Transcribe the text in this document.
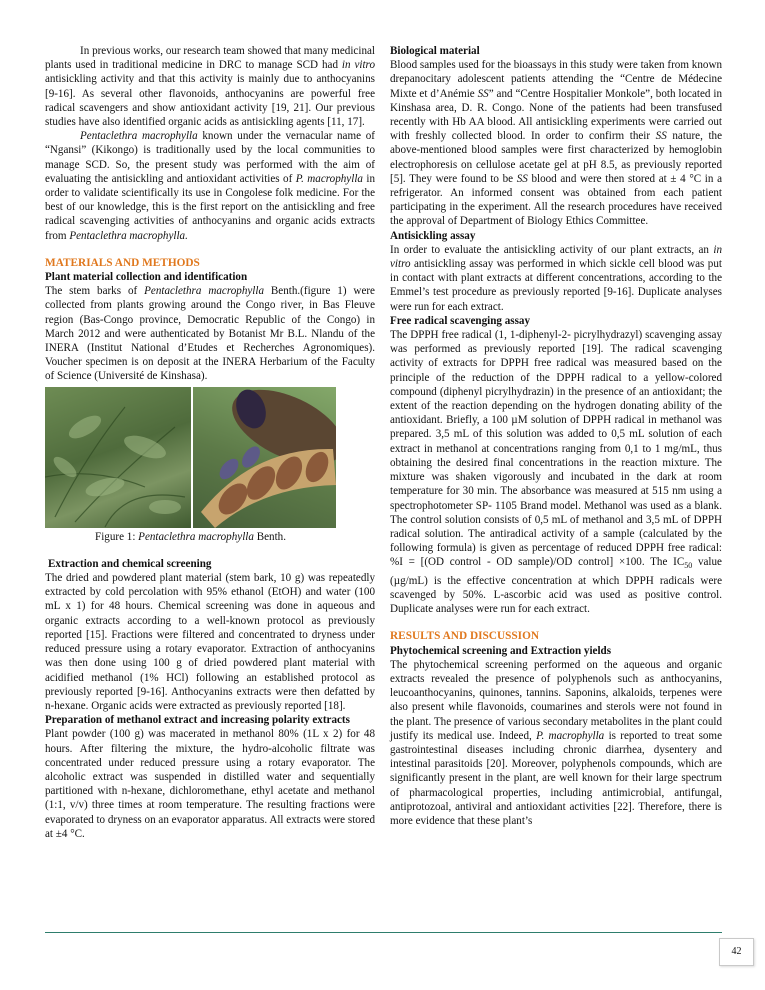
In previous works, our research team showed that many medicinal plants used in traditional medicine in DRC to manage SCD had in vitro antisickling activity and that this activity is mainly due to anthocyanins [9-16]. As several other flavonoids, anthocyanins are powerful free radical scavengers and show antioxidant activity [19, 21]. Our previous studies have also identified organic acids as antisickling agents [11, 17].

Pentaclethra macrophylla known under the vernacular name of “Ngansi” (Kikongo) is traditionally used by the local communities to manage SCD. So, the present study was performed with the aim of evaluating the antisickling and antioxidant activities of P. macrophylla in order to validate scientifically its use in Congolese folk medicine. For the best of our knowledge, this is the first report on the antisickling and free radical scavenging activities of anthocyanins and organic acids extracts from Pentaclethra macrophylla.

MATERIALS AND METHODS

Plant material collection and identification

The stem barks of Pentaclethra macrophylla Benth.(figure 1) were collected from plants growing around the Congo river, in Bas Fleuve region (Bas-Congo province, Democratic Republic of the Congo) in March 2012 and were authenticated by Botanist Mr B.L. Nlandu of the INERA (Institut National d’Etudes et Recherches Agronomiques). Voucher specimen is on deposit at the INERA Herbarium of the Faculty of Science (Université de Kinshasa).

Figure 1: Pentaclethra macrophylla Benth.

Extraction and chemical screening

The dried and powdered plant material (stem bark, 10 g) was repeatedly extracted by cold percolation with 95% ethanol (EtOH) and water (100 mL x 1) for 48 hours. Chemical screening was done in aqueous and organic extracts according to a well-known protocol as previously reported [15]. Fractions were filtered and concentrated to dryness under reduced pressure using a rotary evaporator. Extraction of anthocyanins was then done using 100 g of dried powdered plant material with acidified methanol (1% HCl) following an established protocol as previously reported [9-16]. Anthocyanins extracts were then defatted by n-hexane. Organic acids were extracted as previously reported [18].

Preparation of methanol extract and increasing polarity extracts

Plant powder (100 g) was macerated in methanol 80% (1L x 2) for 48 hours. After filtering the mixture, the hydro-alcoholic filtrate was concentrated under reduced pressure using a rotary evaporator. The alcoholic extract was suspended in distilled water and sequentially partitioned with n-hexane, dichloromethane, ethyl acetate and methanol (1:1, v/v) three times at room temperature. The resulting fractions were evaporated to dryness on an evaporator apparatus. All extracts were stored at ±4 °C.

Biological material

Blood samples used for the bioassays in this study were taken from known drepanocitary adolescent patients attending the “Centre de Médecine Mixte et d’Anémie SS” and “Centre Hospitalier Monkole”, both located in Kinshasa area, D. R. Congo. None of the patients had been transfused recently with Hb AA blood. All antisickling experiments were carried out with freshly collected blood. In order to confirm their SS nature, the above-mentioned blood samples were first characterized by hemoglobin electrophoresis on cellulose acetate gel at pH 8.5, as previously reported [5]. They were found to be SS blood and were then stored at ± 4 °C in a refrigerator. An informed consent was obtained from each patient participating in the experiment. All the research procedures have received the approval of Department of Biology Ethics Committee.

Antisickling assay

In order to evaluate the antisickling activity of our plant extracts, an in vitro antisickling assay was performed in which sickle cell blood was put in contact with plant extracts at different concentrations, according to the Emmel’s test procedure as previously reported [9-16]. Duplicate analyses were run for each extract.

Free radical scavenging assay

The DPPH free radical (1, 1-diphenyl-2- picrylhydrazyl) scavenging assay was performed as previously reported [19]. The radical scavenging activity of extracts for DPPH free radical was measured based on the principle of the reduction of the DPPH radical to a yellow-colored compound (diphenyl picrylhydrazin) in the presence of an antioxidant; the extent of the reaction depending on the hydrogen donating ability of the antioxidant. Briefly, a 100 µM solution of DPPH radical in methanol was prepared. 3,5 mL of this solution was added to 0,5 mL solution of each extract in methanol at concentrations ranging from 0,1 to 1 mg/mL, thus obtaining the desired final concentrations in the reaction mixture. The mixture was shaken vigorously and incubated in the dark at room temperature for 30 min. The absorbance was measured at 515 nm using a spectrophotometer SP- 1105 Brand model. Methanol was used as a blank. The control solution consists of 0,5 mL of methanol and 3,5 mL of DPPH radical solution. The antiradical activity of a sample (calculated by the following formula) is given as percentage of reduced DPPH free radical: %I = [(OD control - OD sample)/OD control] ×100. The $IC_{50}$ value (µg/mL) is the effective concentration at which DPPH radicals were scavenged by 50%. L-ascorbic acid was used as positive control. Duplicate analyses were run for each extract.

RESULTS AND DISCUSSION

Phytochemical screening and Extraction yields

The phytochemical screening performed on the aqueous and organic extracts revealed the presence of polyphenols such as anthocyanins, leucoanthocyanins, quinones, tannins. Saponins, alkaloids, terpenes were also present while flavonoids, coumarines and sterols were not found in the plant. The presence of various secondary metabolites in the plant could justify its medical use. Indeed, P. macrophylla is reported to treat some gastrointestinal diseases including chronic diarrhea, dysentery and intestinal parasitoids [20]. Moreover, polyphenols compounds, which are significantly present in the plant, are well known for their large spectrum of pharmacological properties, including antimicrobial, antifungal, antiprotozoal, antiviral and antioxidant activities [22]. Therefore, there is more evidence that these plant’s

42
